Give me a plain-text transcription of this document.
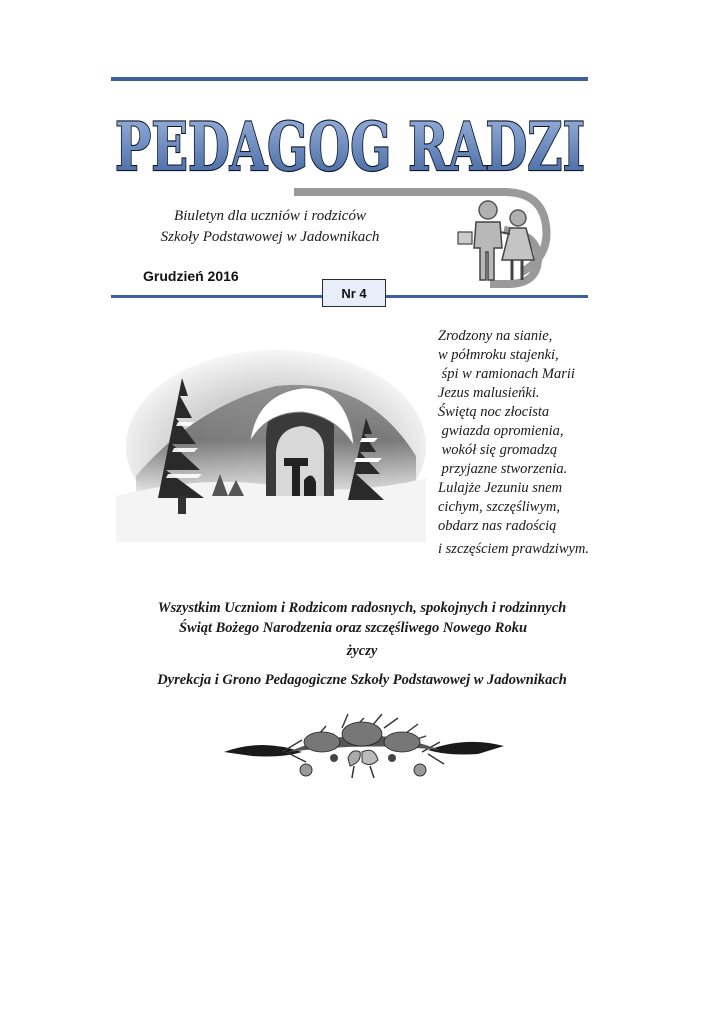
PEDAGOG RADZI
Biuletyn dla uczniów i rodziców
Szkoły Podstawowej w Jadownikach
Grudzień 2016
Nr 4
Zrodzony na sianie,
w półmroku stajenki,
śpi w ramionach Marii
Jezus malusieńki.
Świętą noc złocista
gwiazda opromienia,
wokół się gromadzą
przyjazne stworzenia.
Lulajże Jezuniu snem
cichym, szczęśliwym,
obdarz nas radością
i szczęściem prawdziwym.
Wszystkim Uczniom i Rodzicom radosnych, spokojnych i rodzinnych
Świąt Bożego Narodzenia oraz szczęśliwego Nowego Roku
życzy
Dyrekcja i Grono Pedagogiczne Szkoły Podstawowej w Jadownikach
